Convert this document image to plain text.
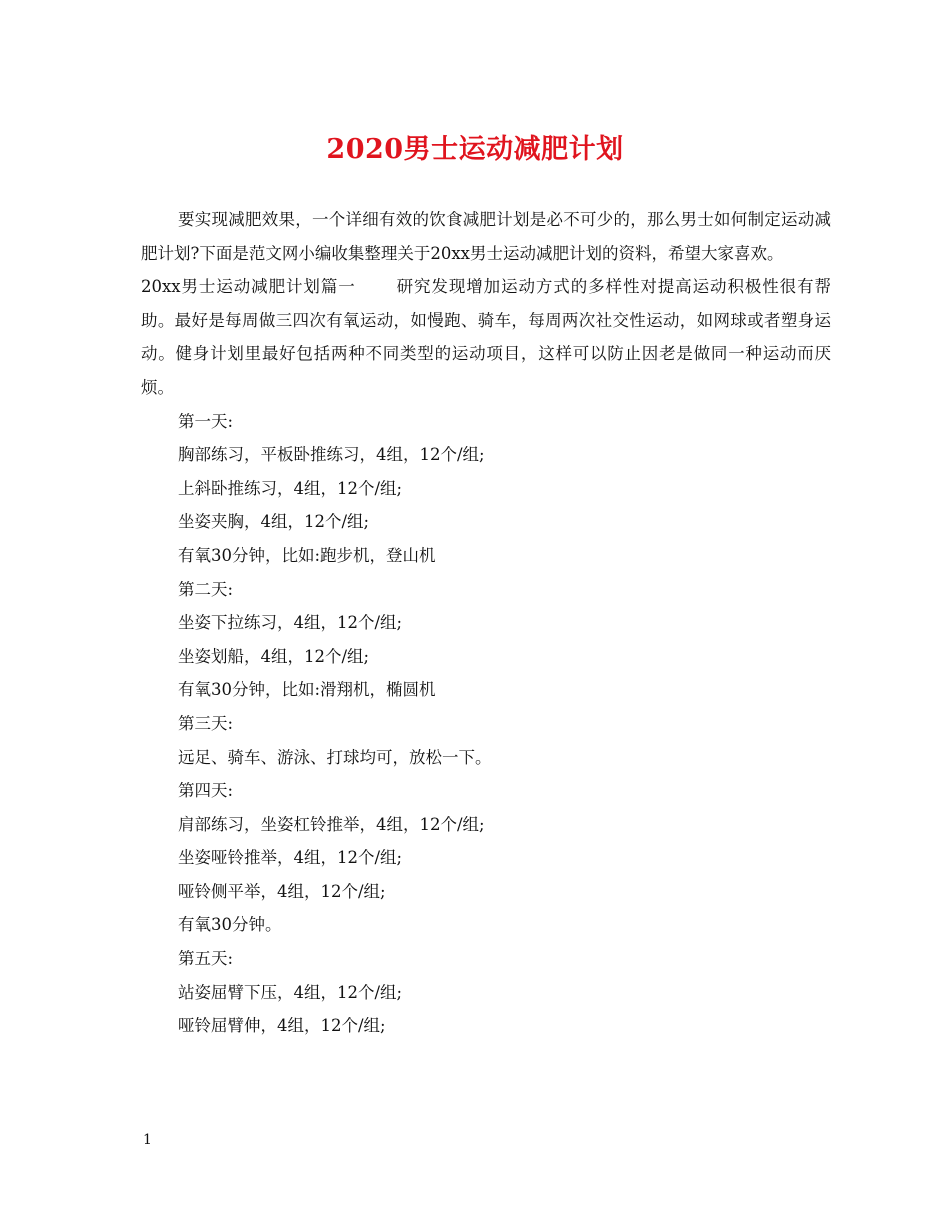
2020男士运动减肥计划

要实现减肥效果，一个详细有效的饮食减肥计划是必不可少的，那么男士如何制定运动减肥计划?下面是范文网小编收集整理关于20xx男士运动减肥计划的资料，希望大家喜欢。

20xx男士运动减肥计划篇一 研究发现增加运动方式的多样性对提高运动积极性很有帮助。最好是每周做三四次有氧运动，如慢跑、骑车，每周两次社交性运动，如网球或者塑身运动。健身计划里最好包括两种不同类型的运动项目，这样可以防止因老是做同一种运动而厌烦。

第一天:

胸部练习，平板卧推练习，4组，12个/组;

上斜卧推练习，4组，12个/组;

坐姿夹胸，4组，12个/组;

有氧30分钟，比如:跑步机，登山机

第二天:

坐姿下拉练习，4组，12个/组;

坐姿划船，4组，12个/组;

有氧30分钟，比如:滑翔机，椭圆机

第三天:

远足、骑车、游泳、打球均可，放松一下。

第四天:

肩部练习，坐姿杠铃推举，4组，12个/组;

坐姿哑铃推举，4组，12个/组;

哑铃侧平举，4组，12个/组;

有氧30分钟。

第五天:

站姿屈臂下压，4组，12个/组;

哑铃屈臂伸，4组，12个/组;

1
